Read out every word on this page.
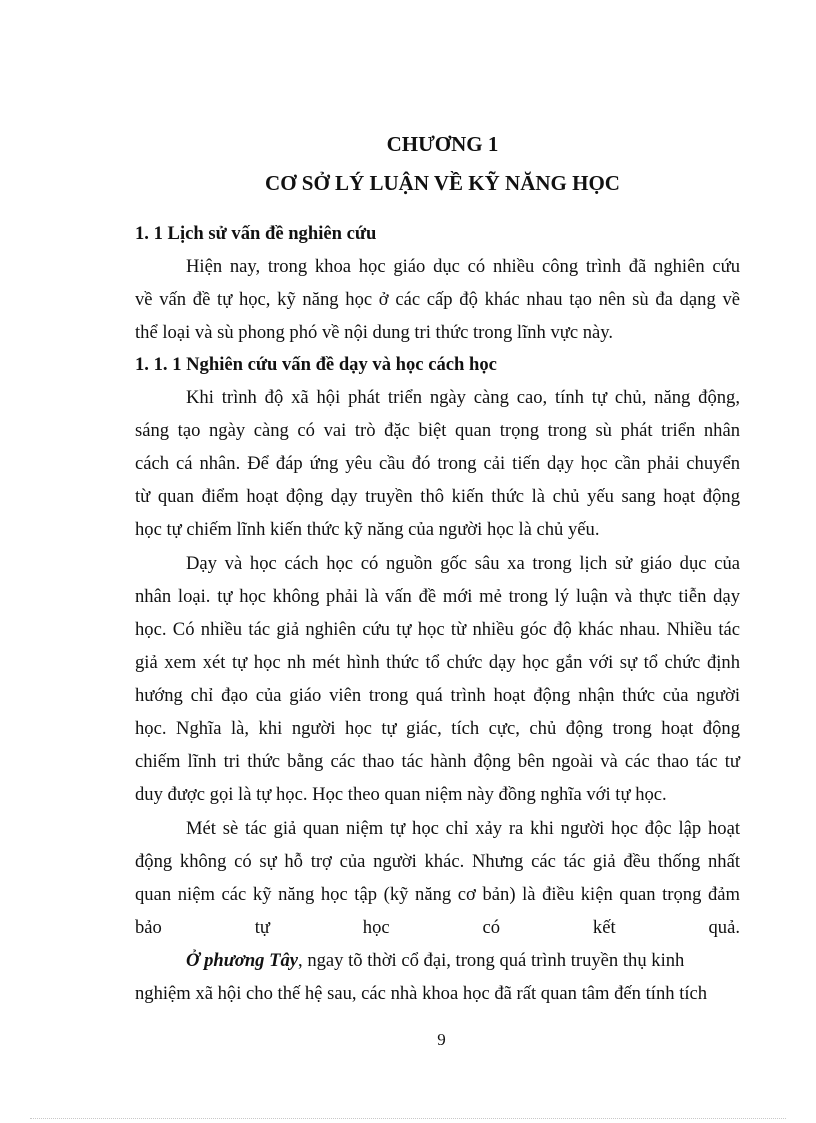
CHƯƠNG 1
CƠ SỞ LÝ LUẬN VỀ KỸ NĂNG HỌC
1. 1 Lịch sử vấn đề nghiên cứu
Hiện nay, trong khoa học giáo dục có nhiều công trình đã nghiên cứu
về vấn đề tự học, kỹ năng học ở các cấp độ khác nhau tạo nên sù đa dạng về
thể loại và sù phong phó về nội dung tri thức trong lĩnh vực này.
1. 1. 1 Nghiên cứu vấn đề dạy và học cách học
Khi trình độ xã hội phát triển ngày càng cao, tính tự chủ, năng động,
sáng tạo ngày càng có vai trò đặc biệt quan trọng trong sù phát triển nhân
cách cá nhân. Để đáp ứng yêu cầu đó trong cải tiến dạy học cần phải chuyển
từ quan điểm hoạt động dạy truyền thô kiến thức là chủ yếu sang hoạt động
học tự chiếm lĩnh kiến thức kỹ năng của người học là chủ yếu.
Dạy và học cách học có nguồn gốc sâu xa trong lịch sử giáo dục của
nhân loại. tự học không phải là vấn đề mới mẻ trong lý luận và thực tiễn dạy
học. Có nhiều tác giả nghiên cứu tự học từ nhiều góc độ khác nhau. Nhiều tác
giả xem xét tự học nh mét hình thức tổ chức dạy học gắn với sự tổ chức định
hướng chỉ đạo của giáo viên trong quá trình hoạt động nhận thức của người
học. Nghĩa là, khi người học tự giác, tích cực, chủ động trong hoạt động
chiếm lĩnh tri thức bằng các thao tác hành động bên ngoài và các thao tác tư
duy được gọi là tự học. Học theo quan niệm này đồng nghĩa với tự học.
Mét sè tác giả quan niệm tự học chỉ xảy ra khi người học độc lập hoạt
động không có sự hỗ trợ của người khác. Nhưng các tác giả đều thống nhất
quan niệm các kỹ năng học tập (kỹ năng cơ bản) là điều kiện quan trọng đảm
bảo tự học có kết quả.
Ở phương Tây, ngay tõ thời cổ đại, trong quá trình truyền thụ kinh
nghiệm xã hội cho thế hệ sau, các nhà khoa học đã rất quan tâm đến tính tích
9
